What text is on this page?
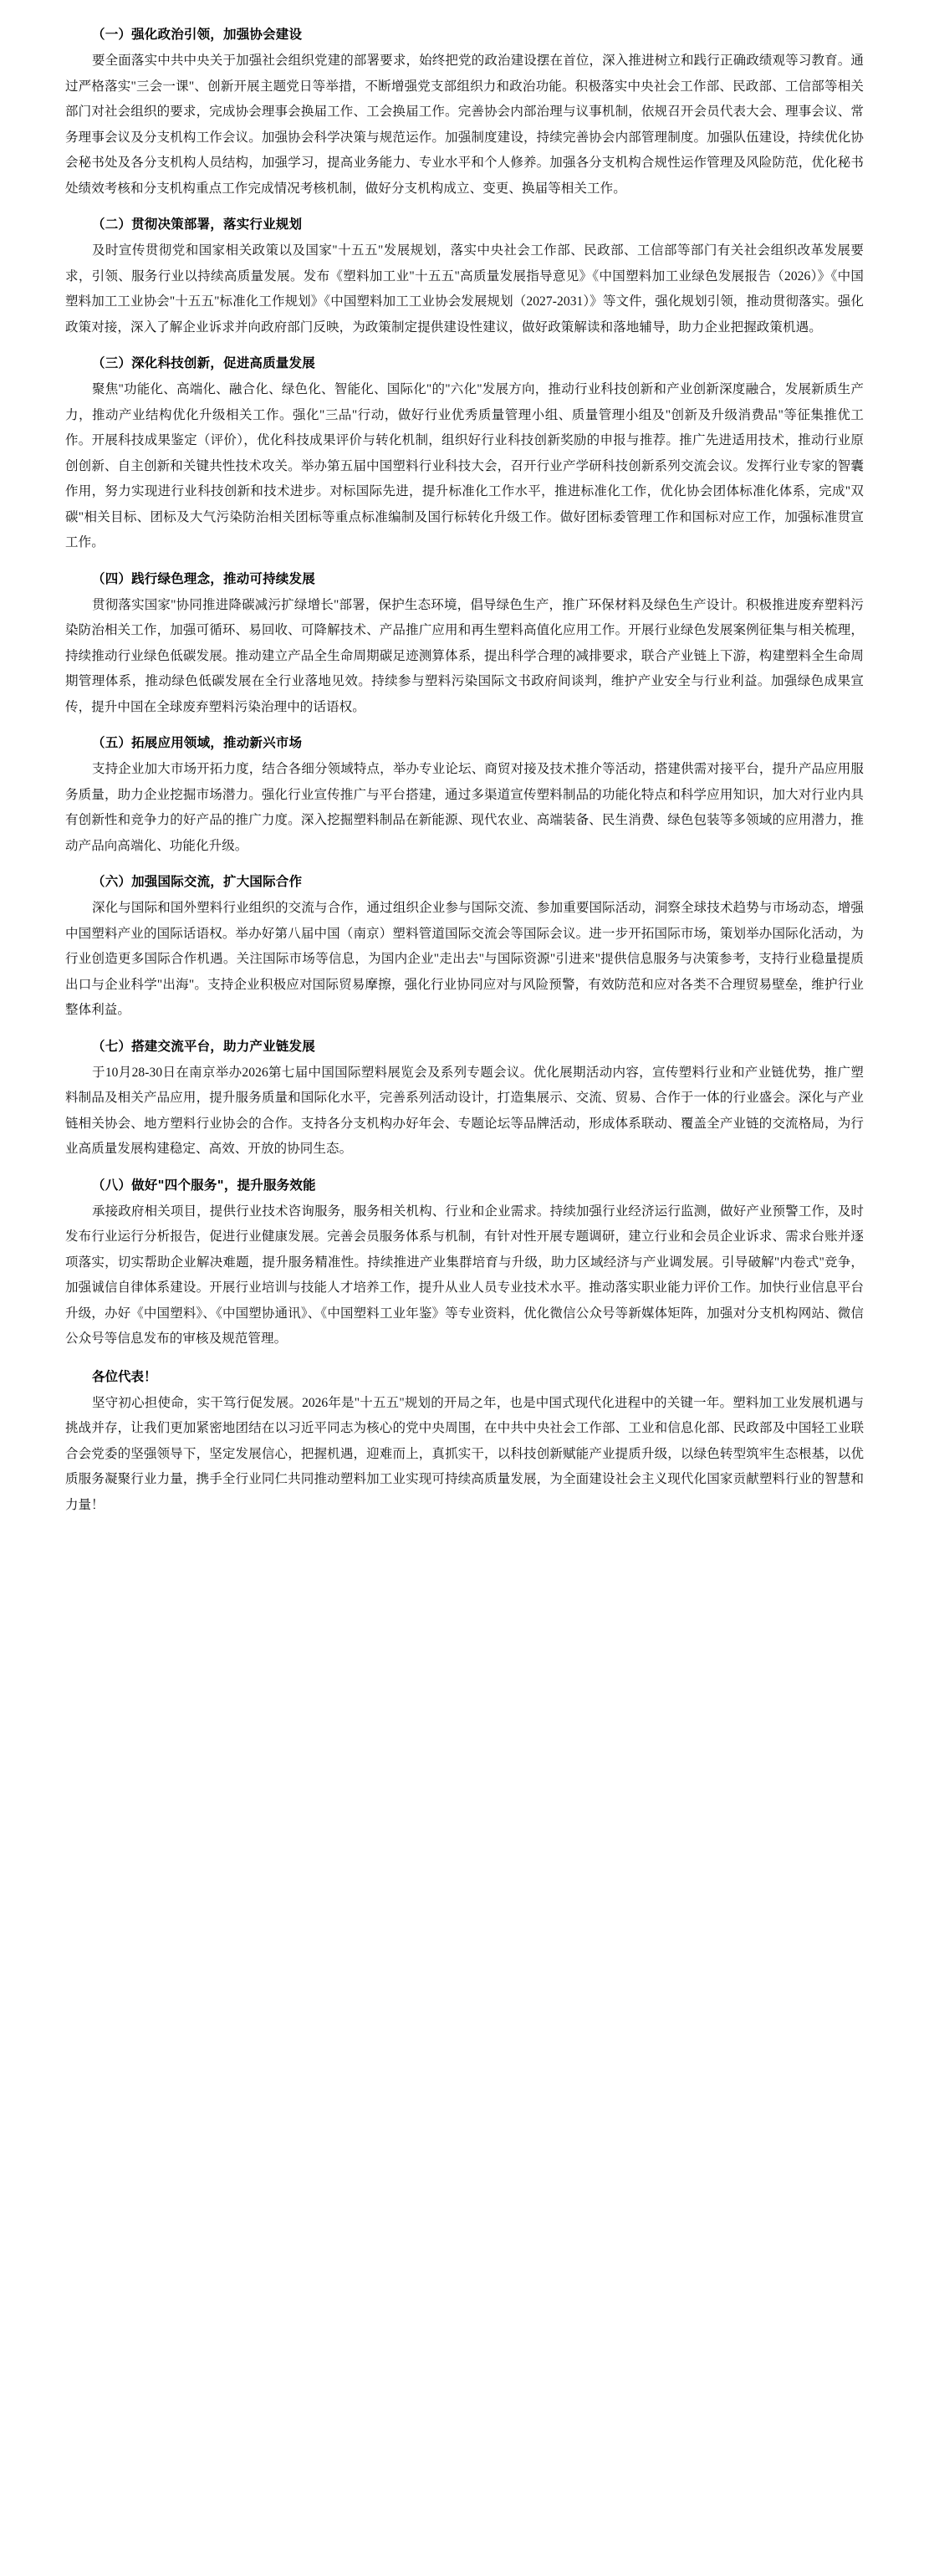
（一）强化政治引领，加强协会建设

要全面落实中共中央关于加强社会组织党建的部署要求，始终把党的政治建设摆在首位，深入推进树立和践行正确政绩观等习教育。通过严格落实"三会一课"、创新开展主题党日等举措，不断增强党支部组织力和政治功能。积极落实中央社会工作部、民政部、工信部等相关部门对社会组织的要求，完成协会理事会换届工作、工会换届工作。完善协会内部治理与议事机制，依规召开会员代表大会、理事会议、常务理事会议及分支机构工作会议。加强协会科学决策与规范运作。加强制度建设，持续完善协会内部管理制度。加强队伍建设，持续优化协会秘书处及各分支机构人员结构，加强学习，提高业务能力、专业水平和个人修养。加强各分支机构合规性运作管理及风险防范，优化秘书处绩效考核和分支机构重点工作完成情况考核机制，做好分支机构成立、变更、换届等相关工作。

（二）贯彻决策部署，落实行业规划

及时宣传贯彻党和国家相关政策以及国家"十五五"发展规划，落实中央社会工作部、民政部、工信部等部门有关社会组织改革发展要求，引领、服务行业以持续高质量发展。发布《塑料加工业"十五五"高质量发展指导意见》《中国塑料加工业绿色发展报告（2026）》《中国塑料加工工业协会"十五五"标准化工作规划》《中国塑料加工工业协会发展规划（2027-2031）》等文件，强化规划引领，推动贯彻落实。强化政策对接，深入了解企业诉求并向政府部门反映，为政策制定提供建设性建议，做好政策解读和落地辅导，助力企业把握政策机遇。

（三）深化科技创新，促进高质量发展

聚焦"功能化、高端化、融合化、绿色化、智能化、国际化"的"六化"发展方向，推动行业科技创新和产业创新深度融合，发展新质生产力，推动产业结构优化升级相关工作。强化"三品"行动，做好行业优秀质量管理小组、质量管理小组及"创新及升级消费品"等征集推优工作。开展科技成果鉴定（评价），优化科技成果评价与转化机制，组织好行业科技创新奖励的申报与推荐。推广先进适用技术，推动行业原创创新、自主创新和关键共性技术攻关。举办第五届中国塑料行业科技大会，召开行业产学研科技创新系列交流会议。发挥行业专家的智囊作用，努力实现进行业科技创新和技术进步。对标国际先进，提升标准化工作水平，推进标准化工作，优化协会团体标准化体系，完成"双碳"相关目标、团标及大气污染防治相关团标等重点标准编制及国行标转化升级工作。做好团标委管理工作和国标对应工作，加强标准贯宣工作。

（四）践行绿色理念，推动可持续发展

贯彻落实国家"协同推进降碳减污扩绿增长"部署，保护生态环境，倡导绿色生产，推广环保材料及绿色生产设计。积极推进废弃塑料污染防治相关工作，加强可循环、易回收、可降解技术、产品推广应用和再生塑料高值化应用工作。开展行业绿色发展案例征集与相关梳理，持续推动行业绿色低碳发展。推动建立产品全生命周期碳足迹测算体系，提出科学合理的减排要求，联合产业链上下游，构建塑料全生命周期管理体系，推动绿色低碳发展在全行业落地见效。持续参与塑料污染国际文书政府间谈判，维护产业安全与行业利益。加强绿色成果宣传，提升中国在全球废弃塑料污染治理中的话语权。

（五）拓展应用领域，推动新兴市场

支持企业加大市场开拓力度，结合各细分领域特点，举办专业论坛、商贸对接及技术推介等活动，搭建供需对接平台，提升产品应用服务质量，助力企业挖掘市场潜力。强化行业宣传推广与平台搭建，通过多渠道宣传塑料制品的功能化特点和科学应用知识，加大对行业内具有创新性和竞争力的好产品的推广力度。深入挖掘塑料制品在新能源、现代农业、高端装备、民生消费、绿色包装等多领域的应用潜力，推动产品向高端化、功能化升级。

（六）加强国际交流，扩大国际合作

深化与国际和国外塑料行业组织的交流与合作，通过组织企业参与国际交流、参加重要国际活动，洞察全球技术趋势与市场动态，增强中国塑料产业的国际话语权。举办好第八届中国（南京）塑料管道国际交流会等国际会议。进一步开拓国际市场，策划举办国际化活动，为行业创造更多国际合作机遇。关注国际市场等信息，为国内企业"走出去"与国际资源"引进来"提供信息服务与决策参考，支持行业稳量提质出口与企业科学"出海"。支持企业积极应对国际贸易摩擦，强化行业协同应对与风险预警，有效防范和应对各类不合理贸易壁垒，维护行业整体利益。

（七）搭建交流平台，助力产业链发展

于10月28-30日在南京举办2026第七届中国国际塑料展览会及系列专题会议。优化展期活动内容，宣传塑料行业和产业链优势，推广塑料制品及相关产品应用，提升服务质量和国际化水平，完善系列活动设计，打造集展示、交流、贸易、合作于一体的行业盛会。深化与产业链相关协会、地方塑料行业协会的合作。支持各分支机构办好年会、专题论坛等品牌活动，形成体系联动、覆盖全产业链的交流格局，为行业高质量发展构建稳定、高效、开放的协同生态。

（八）做好"四个服务"，提升服务效能

承接政府相关项目，提供行业技术咨询服务，服务相关机构、行业和企业需求。持续加强行业经济运行监测，做好产业预警工作，及时发布行业运行分析报告，促进行业健康发展。完善会员服务体系与机制，有针对性开展专题调研，建立行业和会员企业诉求、需求台账并逐项落实，切实帮助企业解决难题，提升服务精准性。持续推进产业集群培育与升级，助力区域经济与产业调发展。引导破解"内卷式"竞争，加强诚信自律体系建设。开展行业培训与技能人才培养工作，提升从业人员专业技术水平。推动落实职业能力评价工作。加快行业信息平台升级，办好《中国塑料》、《中国塑协通讯》、《中国塑料工业年鉴》等专业资料，优化微信公众号等新媒体矩阵，加强对分支机构网站、微信公众号等信息发布的审核及规范管理。

各位代表！

坚守初心担使命，实干笃行促发展。2026年是"十五五"规划的开局之年，也是中国式现代化进程中的关键一年。塑料加工业发展机遇与挑战并存，让我们更加紧密地团结在以习近平同志为核心的党中央周围，在中共中央社会工作部、工业和信息化部、民政部及中国轻工业联合会党委的坚强领导下，坚定发展信心，把握机遇，迎难而上，真抓实干，以科技创新赋能产业提质升级，以绿色转型筑牢生态根基，以优质服务凝聚行业力量，携手全行业同仁共同推动塑料加工业实现可持续高质量发展，为全面建设社会主义现代化国家贡献塑料行业的智慧和力量！
